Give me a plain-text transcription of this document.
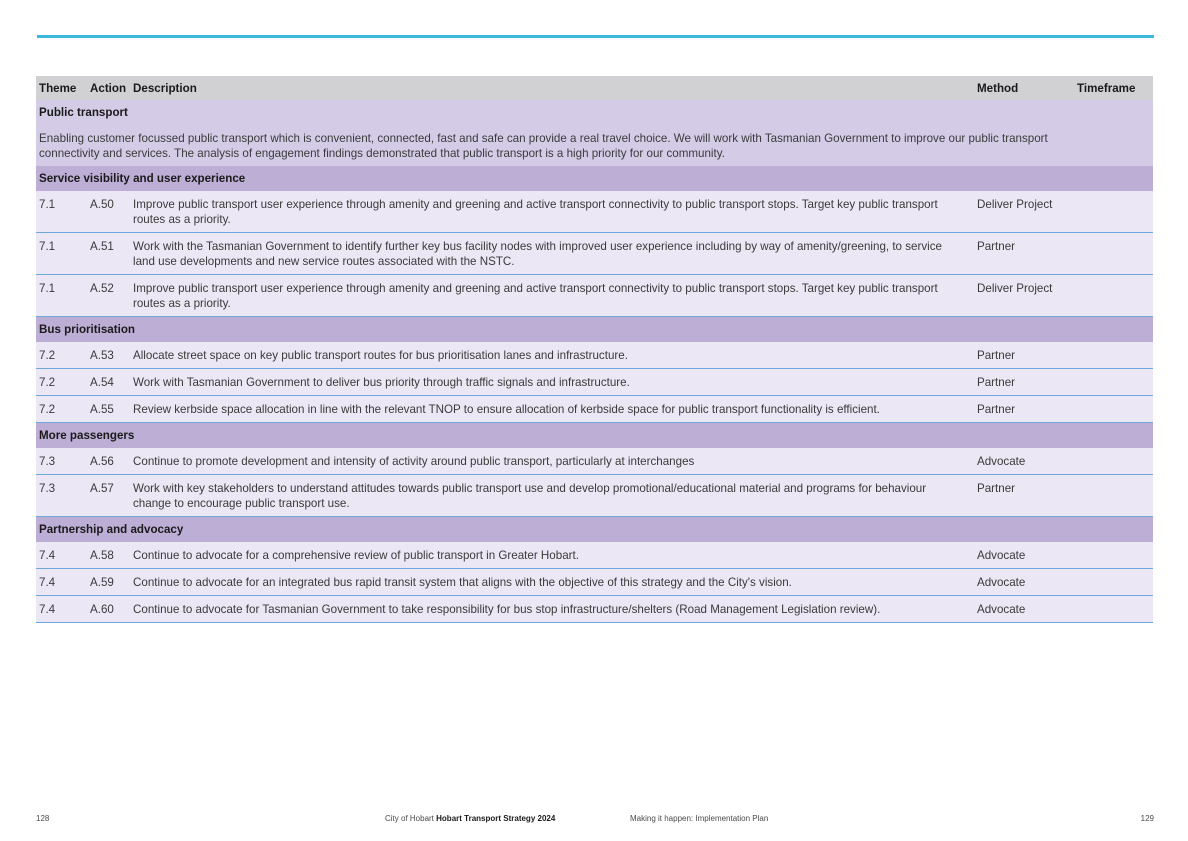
Theme	Action	Description	Method	Timeframe
Public transport				
Enabling customer focussed public transport which is convenient, connected, fast and safe can provide a real travel choice. We will work with Tasmanian Government to improve our public transport connectivity and services. The analysis of engagement findings demonstrated that public transport is a high priority for our community.				
Service visibility and user experience				
7.1	A.50	Improve public transport user experience through amenity and greening and active transport connectivity to public transport stops. Target key public transport routes as a priority.	Deliver Project	
7.1	A.51	Work with the Tasmanian Government to identify further key bus facility nodes with improved user experience including by way of amenity/greening, to service land use developments and new service routes associated with the NSTC.	Partner	
7.1	A.52	Improve public transport user experience through amenity and greening and active transport connectivity to public transport stops. Target key public transport routes as a priority.	Deliver Project	
Bus prioritisation				
7.2	A.53	Allocate street space on key public transport routes for bus prioritisation lanes and infrastructure.	Partner	
7.2	A.54	Work with Tasmanian Government to deliver bus priority through traffic signals and infrastructure.	Partner	
7.2	A.55	Review kerbside space allocation in line with the relevant TNOP to ensure allocation of kerbside space for public transport functionality is efficient.	Partner	
More passengers				
7.3	A.56	Continue to promote development and intensity of activity around public transport, particularly at interchanges	Advocate	
7.3	A.57	Work with key stakeholders to understand attitudes towards public transport use and develop promotional/educational material and programs for behaviour change to encourage public transport use.	Partner	
Partnership and advocacy				
7.4	A.58	Continue to advocate for a comprehensive review of public transport in Greater Hobart.	Advocate	
7.4	A.59	Continue to advocate for an integrated bus rapid transit system that aligns with the objective of this strategy and the City's vision.	Advocate	
7.4	A.60	Continue to advocate for Tasmanian Government to take responsibility for bus stop infrastructure/shelters (Road Management Legislation review).	Advocate	
128	City of Hobart Hobart Transport Strategy 2024	Making it happen: Implementation Plan	129
